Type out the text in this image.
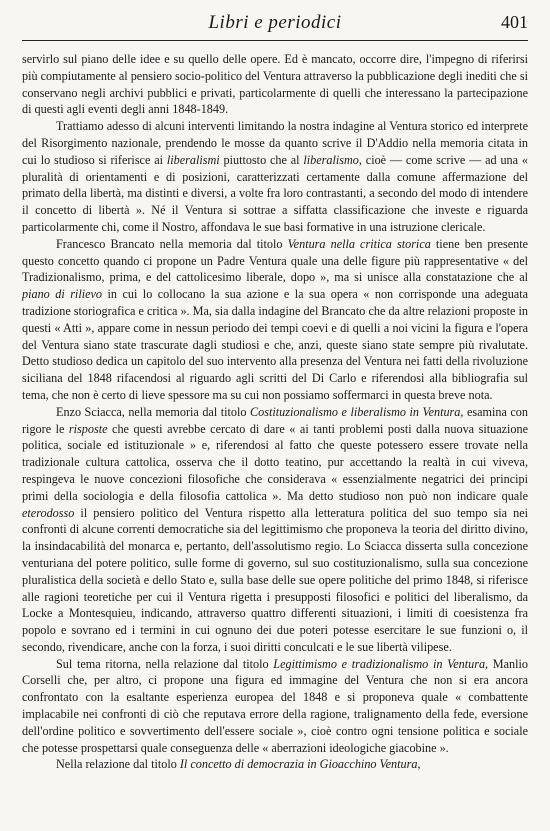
Libri e periodici	401

servirlo sul piano delle idee e su quello delle opere. Ed è mancato, occorre dire, l'impegno di riferirsi più compiutamente al pensiero socio-politico del Ventura attraverso la pubblicazione degli inediti che si conservano negli archivi pubblici e privati, particolarmente di quelli che interessano la partecipazione di questi agli eventi degli anni 1848-1849.

Trattiamo adesso di alcuni interventi limitando la nostra indagine al Ventura storico ed interprete del Risorgimento nazionale, prendendo le mosse da quanto scrive il D'Addio nella memoria citata in cui lo studioso si riferisce ai liberalismi piuttosto che al liberalismo, cioè — come scrive — ad una « pluralità di orientamenti e di posizioni, caratterizzati certamente dalla comune affermazione del primato della libertà, ma distinti e diversi, a volte fra loro contrastanti, a secondo del modo di intendere il concetto di libertà ». Né il Ventura si sottrae a siffatta classificazione che investe e riguarda particolarmente chi, come il Nostro, affondava le sue basi formative in una istruzione clericale.

Francesco Brancato nella memoria dal titolo Ventura nella critica storica tiene ben presente questo concetto quando ci propone un Padre Ventura quale una delle figure più rappresentative « del Tradizionalismo, prima, e del cattolicesimo liberale, dopo », ma si unisce alla constatazione che al piano di rilievo in cui lo collocano la sua azione e la sua opera « non corrisponde una adeguata tradizione storiografica e critica ». Ma, sia dalla indagine del Brancato che da altre relazioni proposte in questi « Atti », appare come in nessun periodo dei tempi coevi e di quelli a noi vicini la figura e l'opera del Ventura siano state trascurate dagli studiosi e che, anzi, queste siano state sempre più rivalutate. Detto studioso dedica un capitolo del suo intervento alla presenza del Ventura nei fatti della rivoluzione siciliana del 1848 rifacendosi al riguardo agli scritti del Di Carlo e riferendosi alla bibliografia sul tema, che non è certo di lieve spessore ma su cui non possiamo soffermarci in questa breve nota.

Enzo Sciacca, nella memoria dal titolo Costituzionalismo e liberalismo in Ventura, esamina con rigore le risposte che questi avrebbe cercato di dare « ai tanti problemi posti dalla nuova situazione politica, sociale ed istituzionale » e, riferendosi al fatto che queste potessero essere trovate nella tradizionale cultura cattolica, osserva che il dotto teatino, pur accettando la realtà in cui viveva, respingeva le nuove concezioni filosofiche che considerava « essenzialmente negatrici dei principi primi della sociologia e della filosofia cattolica ». Ma detto studioso non può non indicare quale eterodosso il pensiero politico del Ventura rispetto alla letteratura politica del suo tempo sia nei confronti di alcune correnti democratiche sia del legittimismo che proponeva la teoria del diritto divino, la insindacabilità del monarca e, pertanto, dell'assolutismo regio. Lo Sciacca disserta sulla concezione venturiana del potere politico, sulle forme di governo, sul suo costituzionalismo, sulla sua concezione pluralistica della società e dello Stato e, sulla base delle sue opere politiche del primo 1848, si riferisce alle ragioni teoretiche per cui il Ventura rigetta i presupposti filosofici e politici del liberalismo, da Locke a Montesquieu, indicando, attraverso quattro differenti situazioni, i limiti di coesistenza fra popolo e sovrano ed i termini in cui ognuno dei due poteri potesse esercitare le sue funzioni o, il secondo, rivendicare, anche con la forza, i suoi diritti conculcati e le sue libertà vilipese.

Sul tema ritorna, nella relazione dal titolo Legittimismo e tradizionalismo in Ventura, Manlio Corselli che, per altro, ci propone una figura ed immagine del Ventura che non si era ancora confrontato con la esaltante esperienza europea del 1848 e si proponeva quale « combattente implacabile nei confronti di ciò che reputava errore della ragione, tralignamento della fede, eversione dell'ordine politico e sovvertimento dell'essere sociale », cioè contro ogni tensione politica e sociale che potesse prospettarsi quale conseguenza delle « aberrazioni ideologiche giacobine ».

Nella relazione dal titolo Il concetto di democrazia in Gioacchino Ventura,
